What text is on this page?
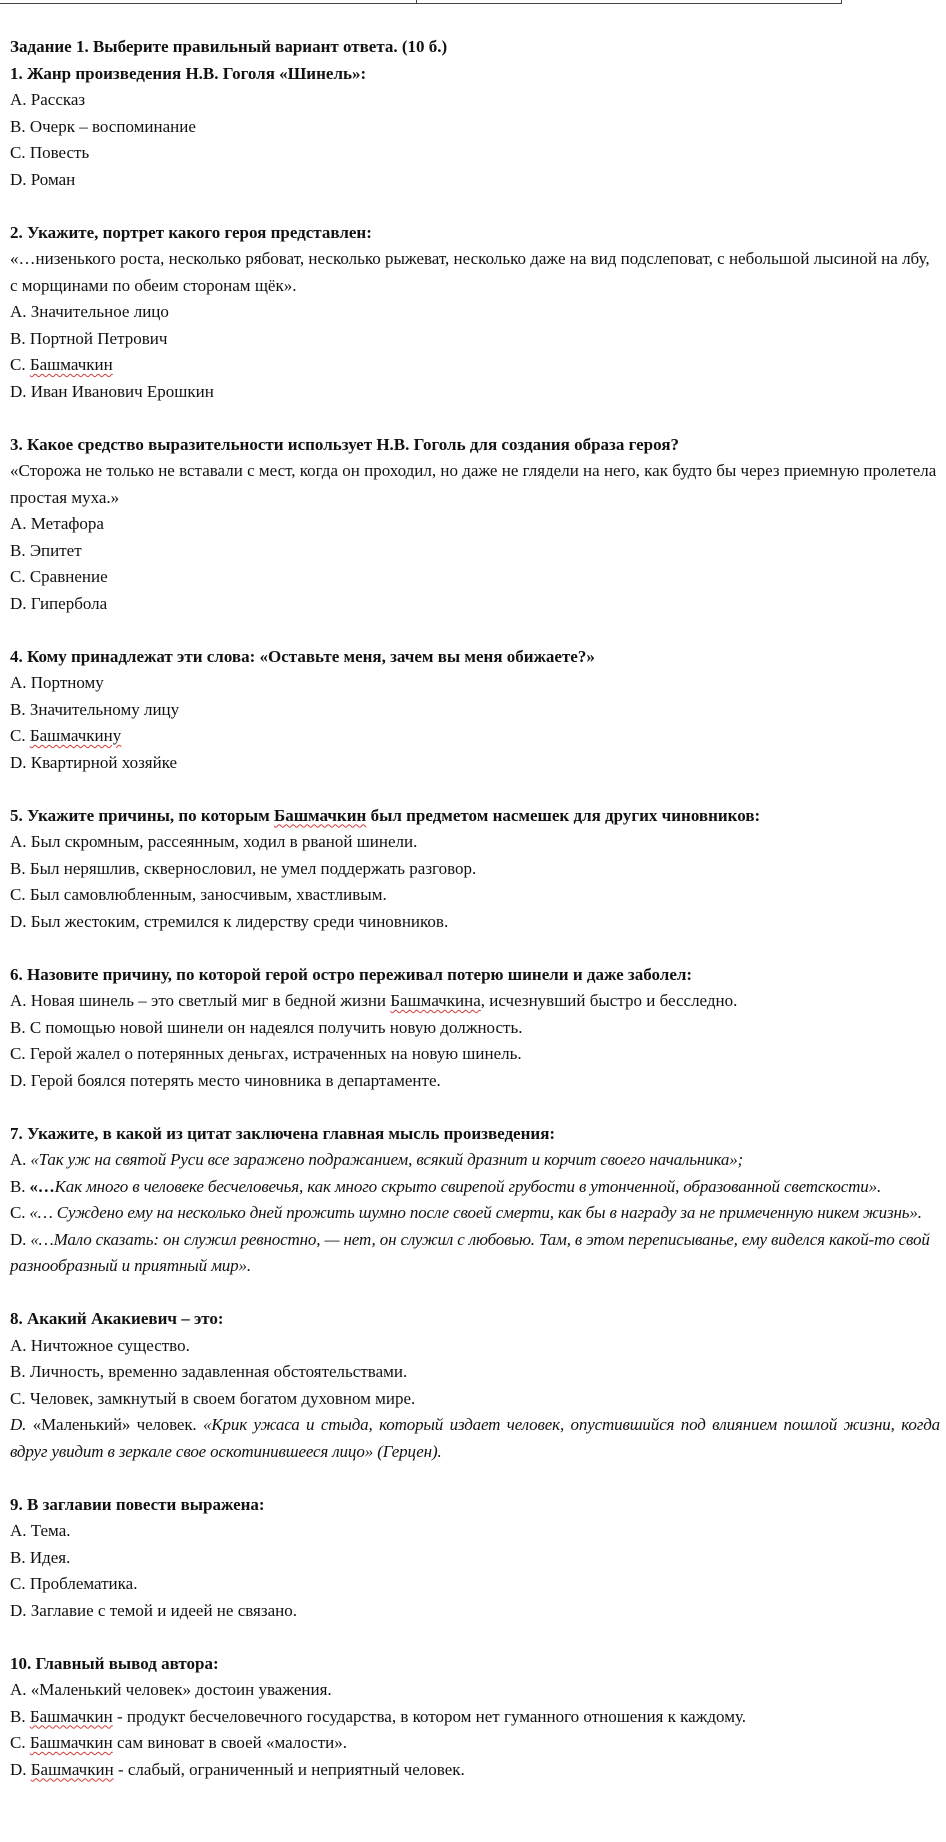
Задание 1. Выберите правильный вариант ответа. (10 б.)
1. Жанр произведения Н.В. Гоголя «Шинель»:
A. Рассказ
B. Очерк – воспоминание
C. Повесть
D. Роман
2. Укажите, портрет какого героя представлен:
«…низенького роста, несколько рябоват, несколько рыжеват, несколько даже на вид подслеповат, с небольшой лысиной на лбу, с морщинами по обеим сторонам щёк».
A. Значительное лицо
B. Портной Петрович
C. Башмачкин
D. Иван Иванович Ерошкин
3. Какое средство выразительности использует Н.В. Гоголь для создания образа героя?
«Сторожа не только не вставали с мест, когда он проходил, но даже не глядели на него, как будто бы через приемную пролетела простая муха.»
A. Метафора
B. Эпитет
C. Сравнение
D. Гипербола
4. Кому принадлежат эти слова: «Оставьте меня, зачем вы меня обижаете?»
A. Портному
B. Значительному лицу
C. Башмачкину
D. Квартирной хозяйке
5. Укажите причины, по которым Башмачкин был предметом насмешек для других чиновников:
A. Был скромным, рассеянным, ходил в рваной шинели.
B. Был неряшлив, сквернословил, не умел поддержать разговор.
C. Был самовлюбленным, заносчивым, хвастливым.
D. Был жестоким, стремился к лидерству среди чиновников.
6. Назовите причину, по которой герой остро переживал потерю шинели и даже заболел:
A. Новая шинель – это светлый миг в бедной жизни Башмачкина, исчезнувший быстро и бесследно.
B. С помощью новой шинели он надеялся получить новую должность.
C. Герой жалел о потерянных деньгах, истраченных на новую шинель.
D. Герой боялся потерять место чиновника в департаменте.
7. Укажите, в какой из цитат заключена главная мысль произведения:
A. «Так уж на святой Руси все заражено подражанием, всякий дразнит и корчит своего начальника»;
B. «…Как много в человеке бесчеловечья, как много скрыто свирепой грубости в утонченной, образованной светскости».
C. «… Суждено ему на несколько дней прожить шумно после своей смерти, как бы в награду за не примеченную никем жизнь».
D. «…Мало сказать: он служил ревностно, — нет, он служил с любовью. Там, в этом переписыванье, ему виделся какой-то свой разнообразный и приятный мир».
8. Акакий Акакиевич – это:
A. Ничтожное существо.
B. Личность, временно задавленная обстоятельствами.
C. Человек, замкнутый в своем богатом духовном мире.
D. «Маленький» человек. «Крик ужаса и стыда, который издает человек, опустившийся под влиянием пошлой жизни, когда вдруг увидит в зеркале свое оскотинившееся лицо» (Герцен).
9. В заглавии повести выражена:
A. Тема.
B. Идея.
C. Проблематика.
D. Заглавие с темой и идеей не связано.
10. Главный вывод автора:
A. «Маленький человек» достоин уважения.
B. Башмачкин - продукт бесчеловечного государства, в котором нет гуманного отношения к каждому.
C. Башмачкин сам виноват в своей «малости».
D. Башмачкин - слабый, ограниченный и неприятный человек.
